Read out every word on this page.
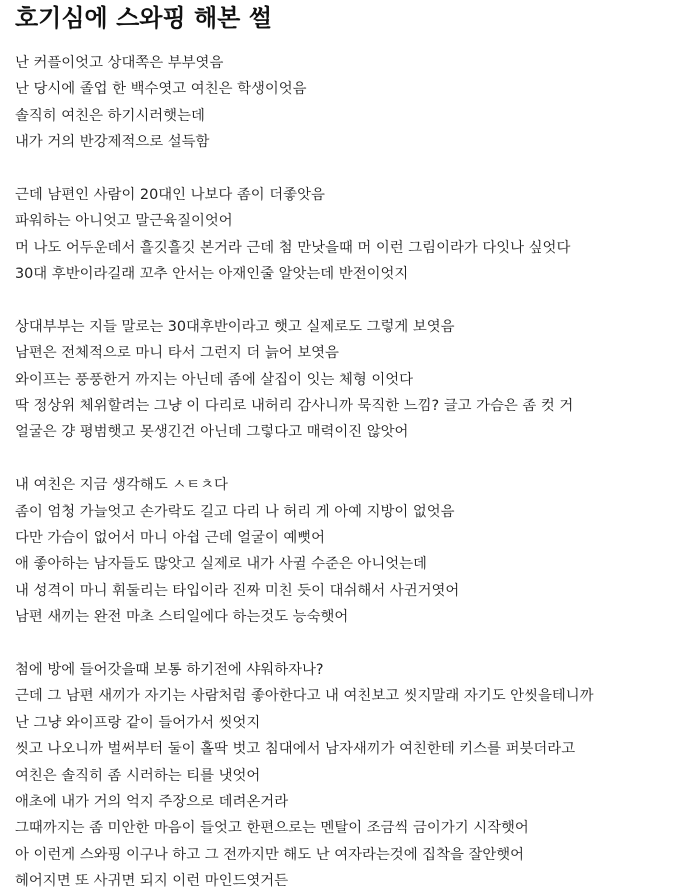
호기심에 스와핑 해본 썰
난 커플이엇고 상대쪽은 부부엿음
난 당시에 졸업 한 백수엿고 여친은 학생이엇음
솔직히 여친은 하기시러햇는데
내가 거의 반강제적으로 설득함
근데 남편인 사람이 20대인 나보다 좀이 더좋앗음
파워하는 아니엇고 말근육질이엇어
머 나도 어두운데서 흘깃흘깃 본거라 근데 첨 만낫을때 머 이런 그림이라가 다잇나 싶엇다
30대 후반이라길래 꼬추 안서는 아재인줄 알앗는데 반전이엇지
상대부부는 지들 말로는 30대후반이라고 햇고 실제로도 그렇게 보엿음
남편은 전체적으로 마니 타서 그런지 더 늙어 보엿음
와이프는 풍풍한거 까지는 아닌데 좀에 살집이 잇는 체형 이엇다
딱 정상위 체위할려는 그냥 이 다리로 내허리 감사니까 묵직한 느낌? 글고 가슴은 좀 컷 거
얼굴은 걍 평범햇고 못생긴건 아닌데 그렇다고 매력이진 않앗어
내 여친은 지금 생각해도 ㅅㅌㅊ다
좀이 엄청 가늘엇고 손가락도 길고 다리 나 허리 게 아예 지방이 없엇음
다만 가슴이 없어서 마니 아쉽 근데 얼굴이 예뻣어
애 좋아하는 남자들도 많앗고 실제로 내가 사귈 수준은 아니엇는데
내 성격이 마니 휘둘리는 타입이라 진짜 미친 듯이 대쉬해서 사귄거엿어
남편 새끼는 완전 마초 스티일에다 하는것도 능숙햇어
첨에 방에 들어갓을때 보통 하기전에 샤워하자나?
근데 그 남편 새끼가 자기는 사람처럼 좋아한다고 내 여친보고 씻지말래 자기도 안씻을테니까
난 그냥 와이프랑 같이 들어가서 씻엇지
씻고 나오니까 벌써부터 둘이 홀딱 벗고 침대에서 남자새끼가 여친한테 키스를 퍼븟더라고
여친은 솔직히 좀 시러하는 티를 냇엇어
애초에 내가 거의 억지 주장으로 데려온거라
그때까지는 좀 미안한 마음이 들엇고 한편으로는 멘탈이 조금씩 금이가기 시작햇어
아 이런게 스와핑 이구나 하고 그 전까지만 해도 난 여자라는것에 집착을 잘안햇어
헤어지면 또 사귀면 되지 이런 마인드엿거든
